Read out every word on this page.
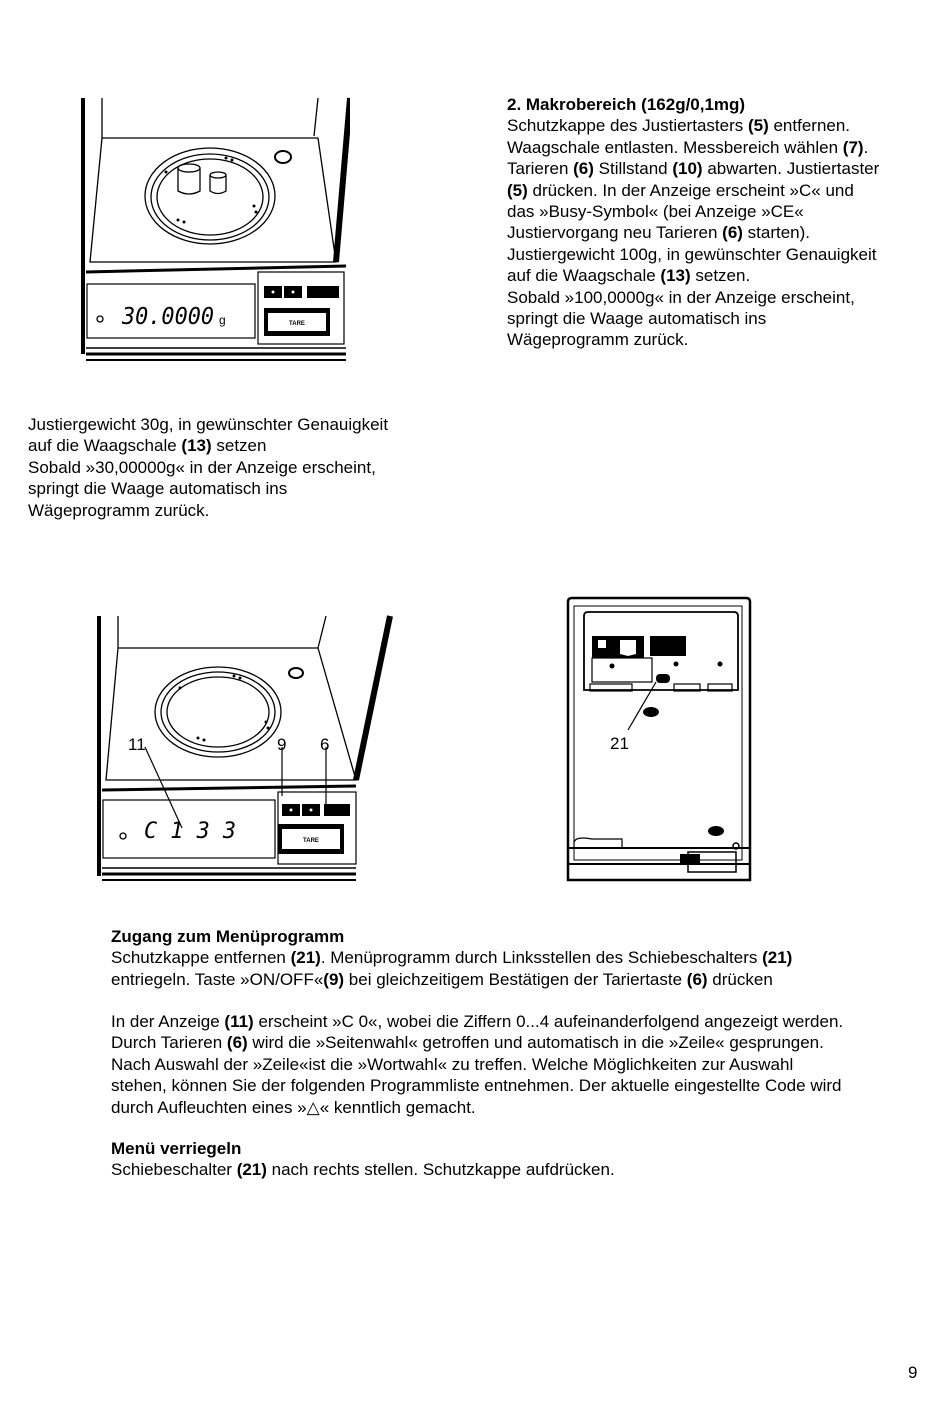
2. Makrobereich (162g/0,1mg)

Schutzkappe des Justiertasters (5) entfernen.

Waagschale entlasten. Messbereich wählen (7).

Tarieren (6) Stillstand (10) abwarten. Justiertaster

(5) drücken. In der Anzeige erscheint »C« und

das »Busy-Symbol« (bei Anzeige »CE«

Justiervorgang neu Tarieren (6) starten).

Justiergewicht 100g, in gewünschter Genauigkeit

auf die Waagschale (13) setzen.

Sobald »100,0000g« in der Anzeige erscheint,

springt die Waage automatisch ins

Wägeprogramm zurück.

Justiergewicht 30g, in gewünschter Genauigkeit

auf die Waagschale (13) setzen

Sobald »30,00000g« in der Anzeige erscheint,

springt die Waage automatisch ins

Wägeprogramm zurück.

Zugang zum Menüprogramm

Schutzkappe entfernen (21). Menüprogramm durch Linksstellen des Schiebeschalters (21)

entriegeln. Taste »ON/OFF«(9) bei gleichzeitigem Bestätigen der Tariertaste (6) drücken

In der Anzeige (11) erscheint »C 0«, wobei die Ziffern 0...4 aufeinanderfolgend angezeigt werden.

Durch Tarieren (6) wird die »Seitenwahl« getroffen und automatisch in die »Zeile« gesprungen.

Nach Auswahl der »Zeile«ist die »Wortwahl« zu treffen. Welche Möglichkeiten zur Auswahl

stehen, können Sie der folgenden Programmliste entnehmen. Der aktuelle eingestellte Code wird

durch Aufleuchten eines »△« kenntlich gemacht.

Menü verriegeln

Schiebeschalter (21) nach rechts stellen. Schutzkappe aufdrücken.

9
TARE
30.0000 g
TARE
C 1 3 3
11	9 6	21
